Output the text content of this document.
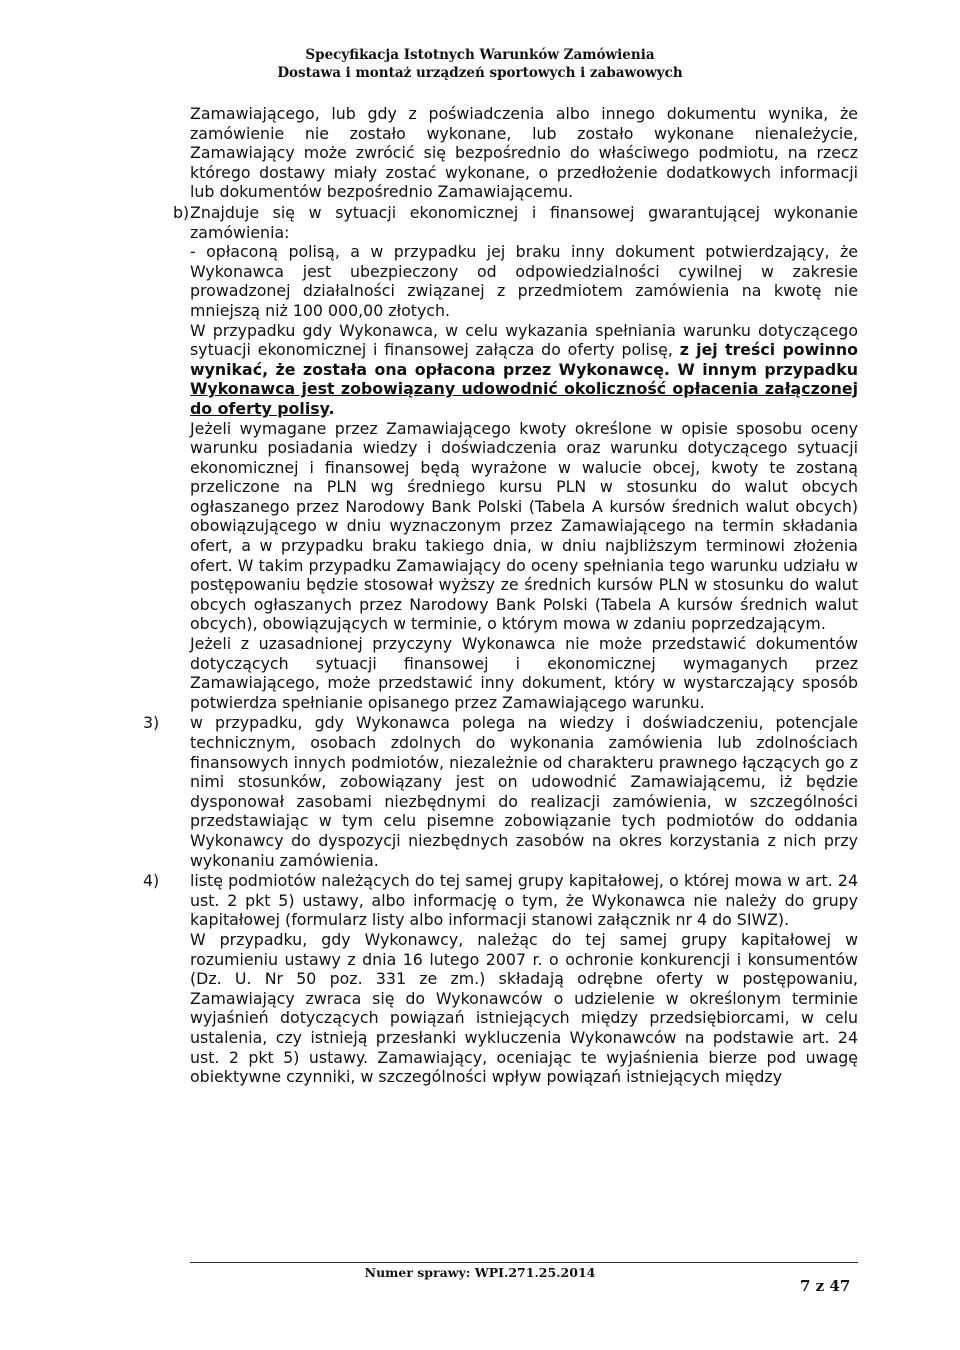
Specyfikacja Istotnych Warunków Zamówienia
Dostawa i montaż urządzeń sportowych i zabawowych

Zamawiającego, lub gdy z poświadczenia albo innego dokumentu wynika, że zamówienie nie zostało wykonane, lub zostało wykonane nienależycie, Zamawiający może zwrócić się bezpośrednio do właściwego podmiotu, na rzecz którego dostawy miały zostać wykonane, o przedłożenie dodatkowych informacji lub dokumentów bezpośrednio Zamawiającemu.

b) Znajduje się w sytuacji ekonomicznej i finansowej gwarantującej wykonanie zamówienia:

- opłaconą polisą, a w przypadku jej braku inny dokument potwierdzający, że Wykonawca jest ubezpieczony od odpowiedzialności cywilnej w zakresie prowadzonej działalności związanej z przedmiotem zamówienia na kwotę nie mniejszą niż 100 000,00 złotych.

W przypadku gdy Wykonawca, w celu wykazania spełniania warunku dotyczącego sytuacji ekonomicznej i finansowej załącza do oferty polisę, z jej treści powinno wynikać, że została ona opłacona przez Wykonawcę. W innym przypadku Wykonawca jest zobowiązany udowodnić okoliczność opłacenia załączonej do oferty polisy.

Jeżeli wymagane przez Zamawiającego kwoty określone w opisie sposobu oceny warunku posiadania wiedzy i doświadczenia oraz warunku dotyczącego sytuacji ekonomicznej i finansowej będą wyrażone w walucie obcej, kwoty te zostaną przeliczone na PLN wg średniego kursu PLN w stosunku do walut obcych ogłaszanego przez Narodowy Bank Polski (Tabela A kursów średnich walut obcych) obowiązującego w dniu wyznaczonym przez Zamawiającego na termin składania ofert, a w przypadku braku takiego dnia, w dniu najbliższym terminowi złożenia ofert. W takim przypadku Zamawiający do oceny spełniania tego warunku udziału w postępowaniu będzie stosował wyższy ze średnich kursów PLN w stosunku do walut obcych ogłaszanych przez Narodowy Bank Polski (Tabela A kursów średnich walut obcych), obowiązujących w terminie, o którym mowa w zdaniu poprzedzającym.

Jeżeli z uzasadnionej przyczyny Wykonawca nie może przedstawić dokumentów dotyczących sytuacji finansowej i ekonomicznej wymaganych przez Zamawiającego, może przedstawić inny dokument, który w wystarczający sposób potwierdza spełnianie opisanego przez Zamawiającego warunku.

3) w przypadku, gdy Wykonawca polega na wiedzy i doświadczeniu, potencjale technicznym, osobach zdolnych do wykonania zamówienia lub zdolnościach finansowych innych podmiotów, niezależnie od charakteru prawnego łączących go z nimi stosunków, zobowiązany jest on udowodnić Zamawiającemu, iż będzie dysponował zasobami niezbędnymi do realizacji zamówienia, w szczególności przedstawiając w tym celu pisemne zobowiązanie tych podmiotów do oddania Wykonawcy do dyspozycji niezbędnych zasobów na okres korzystania z nich przy wykonaniu zamówienia.

4) listę podmiotów należących do tej samej grupy kapitałowej, o której mowa w art. 24 ust. 2 pkt 5) ustawy, albo informację o tym, że Wykonawca nie należy do grupy kapitałowej (formularz listy albo informacji stanowi załącznik nr 4 do SIWZ).

W przypadku, gdy Wykonawcy, należąc do tej samej grupy kapitałowej w rozumieniu ustawy z dnia 16 lutego 2007 r. o ochronie konkurencji i konsumentów (Dz. U. Nr 50 poz. 331 ze zm.) składają odrębne oferty w postępowaniu, Zamawiający zwraca się do Wykonawców o udzielenie w określonym terminie wyjaśnień dotyczących powiązań istniejących między przedsiębiorcami, w celu ustalenia, czy istnieją przesłanki wykluczenia Wykonawców na podstawie art. 24 ust. 2 pkt 5) ustawy. Zamawiający, oceniając te wyjaśnienia bierze pod uwagę obiektywne czynniki, w szczególności wpływ powiązań istniejących między

Numer sprawy: WPI.271.25.2014
7 z 47
